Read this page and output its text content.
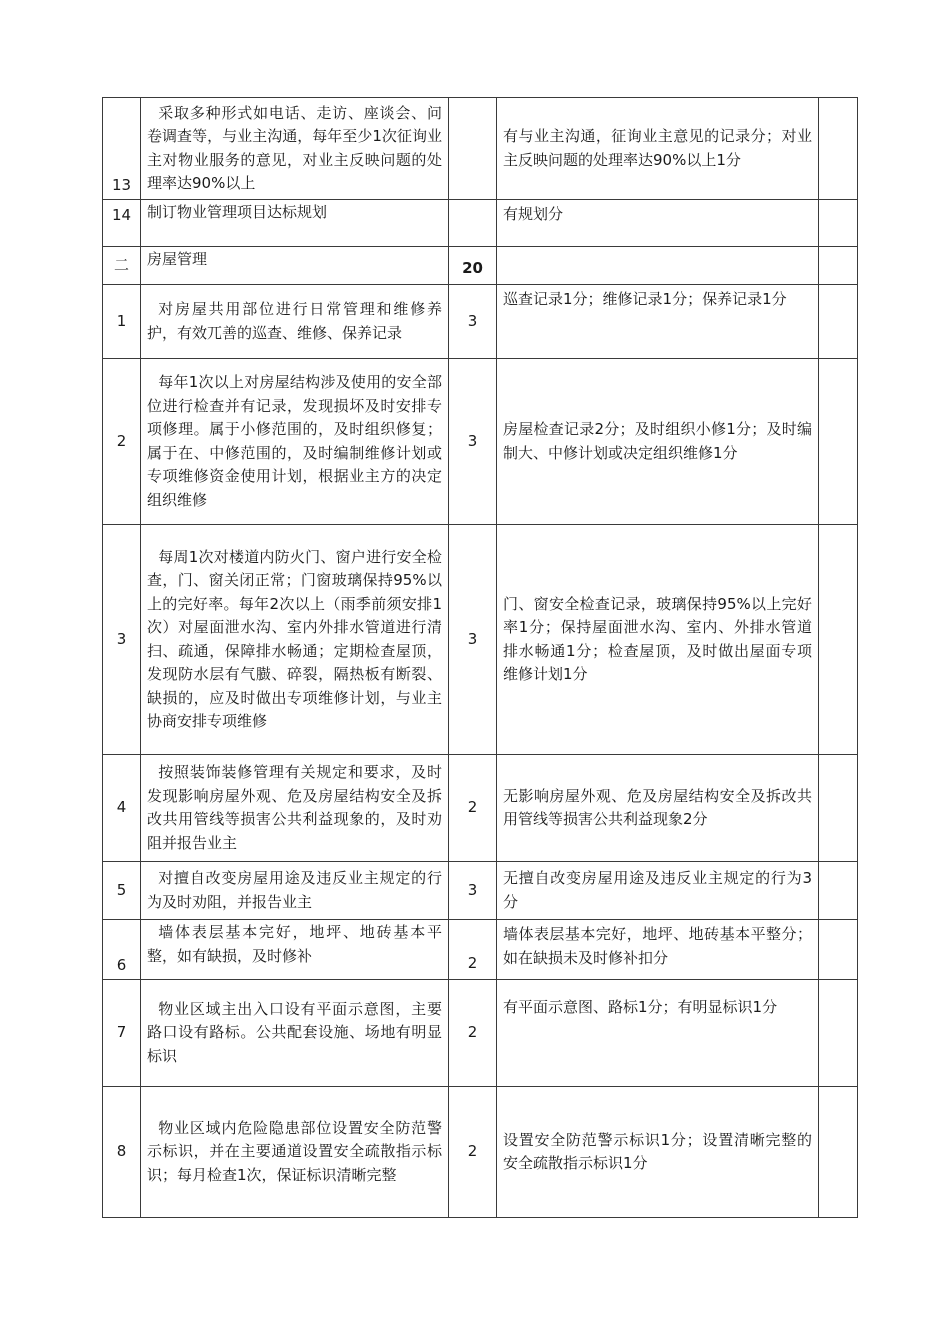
13	采取多种形式如电话、走访、座谈会、问卷调查等，与业主沟通，每年至少1次征询业主对物业服务的意见，对业主反映问题的处理率达90%以上		有与业主沟通，征询业主意见的记录分；对业主反映问题的处理率达90%以上1分	
14	制订物业管理项目达标规划		有规划分	
二	房屋管理	20		
1	对房屋共用部位进行日常管理和维修养护，有效兀善的巡查、维修、保养记录	3	巡查记录1分；维修记录1分；保养记录1分	
2	每年1次以上对房屋结构涉及使用的安全部位进行检查并有记录，发现损坏及时安排专项修理。属于小修范围的，及时组织修复；属于在、中修范围的，及时编制维修计划或专项维修资金使用计划，根据业主方的决定组织维修	3	房屋检查记录2分；及时组织小修1分；及时编制大、中修计划或决定组织维修1分	
3	每周1次对楼道内防火门、窗户进行安全检查，门、窗关闭正常；门窗玻璃保持95%以上的完好率。每年2次以上（雨季前须安排1次）对屋面泄水沟、室内外排水管道进行清扫、疏通，保障排水畅通；定期检查屋顶，发现防水层有气臌、碎裂，隔热板有断裂、缺损的，应及时做出专项维修计划，与业主协商安排专项维修	3	门、窗安全检查记录，玻璃保持95%以上完好率1分；保持屋面泄水沟、室内、外排水管道排水畅通1分；检查屋顶，及时做出屋面专项维修计划1分	
4	按照装饰装修管理有关规定和要求，及时发现影响房屋外观、危及房屋结构安全及拆改共用管线等损害公共利益现象的，及时劝阻并报告业主	2	无影响房屋外观、危及房屋结构安全及拆改共用管线等损害公共利益现象2分	
5	对擅自改变房屋用途及违反业主规定的行为及时劝阻，并报告业主	3	无擅自改变房屋用途及违反业主规定的行为3分	
6	墙体表层基本完好，地坪、地砖基本平整，如有缺损，及时修补	2	墙体表层基本完好，地坪、地砖基本平整分；如在缺损未及时修补扣分	
7	物业区域主出入口设有平面示意图，主要路口设有路标。公共配套设施、场地有明显标识	2	有平面示意图、路标1分；有明显标识1分	
8	物业区域内危险隐患部位设置安全防范警示标识，并在主要通道设置安全疏散指示标识；每月检查1次，保证标识清晰完整	2	设置安全防范警示标识1分；设置清晰完整的安全疏散指示标识1分	
